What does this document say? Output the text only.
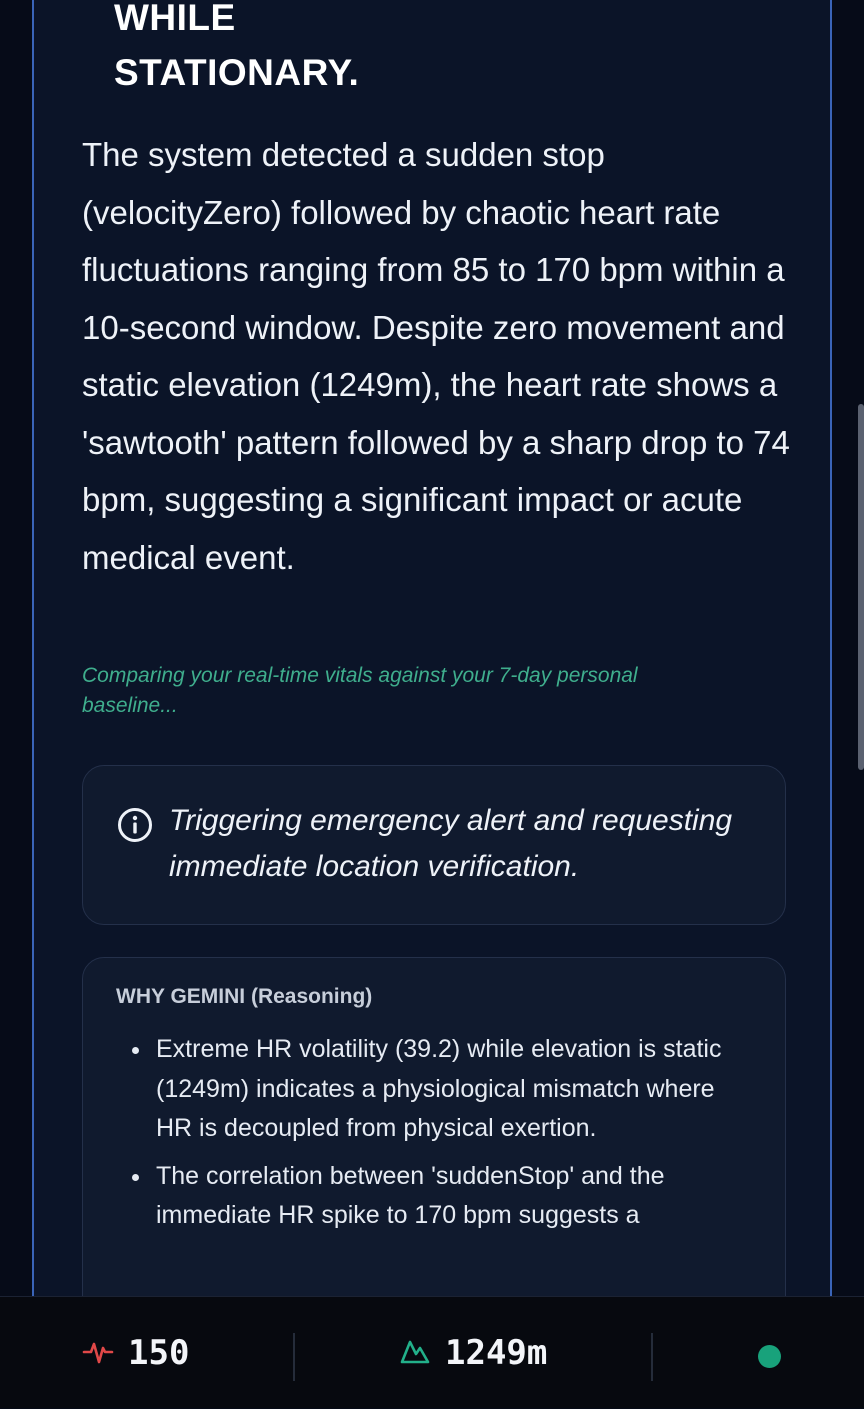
WHILE
STATIONARY.
The system detected a sudden stop (velocityZero) followed by chaotic heart rate fluctuations ranging from 85 to 170 bpm within a 10-second window. Despite zero movement and static elevation (1249m), the heart rate shows a 'sawtooth' pattern followed by a sharp drop to 74 bpm, suggesting a significant impact or acute medical event.
Comparing your real-time vitals against your 7-day personal baseline...
Triggering emergency alert and requesting immediate location verification.
WHY GEMINI (Reasoning)
Extreme HR volatility (39.2) while elevation is static (1249m) indicates a physiological mismatch where HR is decoupled from physical exertion.
The correlation between 'suddenStop' and the immediate HR spike to 170 bpm suggests a
150	1249m
